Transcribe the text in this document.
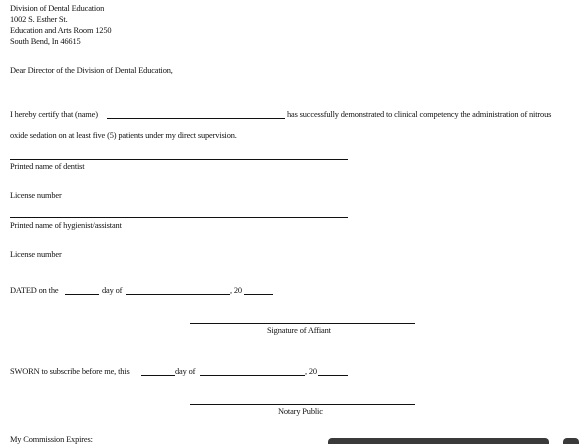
Division of Dental Education
1002 S. Esther St.
Education and Arts Room 1250
South Bend, In 46615
Dear Director of the Division of Dental Education,
I hereby certify that (name)	has successfully demonstrated to clinical competency the administration of nitrous
oxide sedation on at least five (5) patients under my direct supervision.
Printed name of dentist
License number
Printed name of hygienist/assistant
License number
DATED on the	day of	, 20
Signature of Affiant
SWORN to subscribe before me, this	day of	, 20
Notary Public
My Commission Expires:
